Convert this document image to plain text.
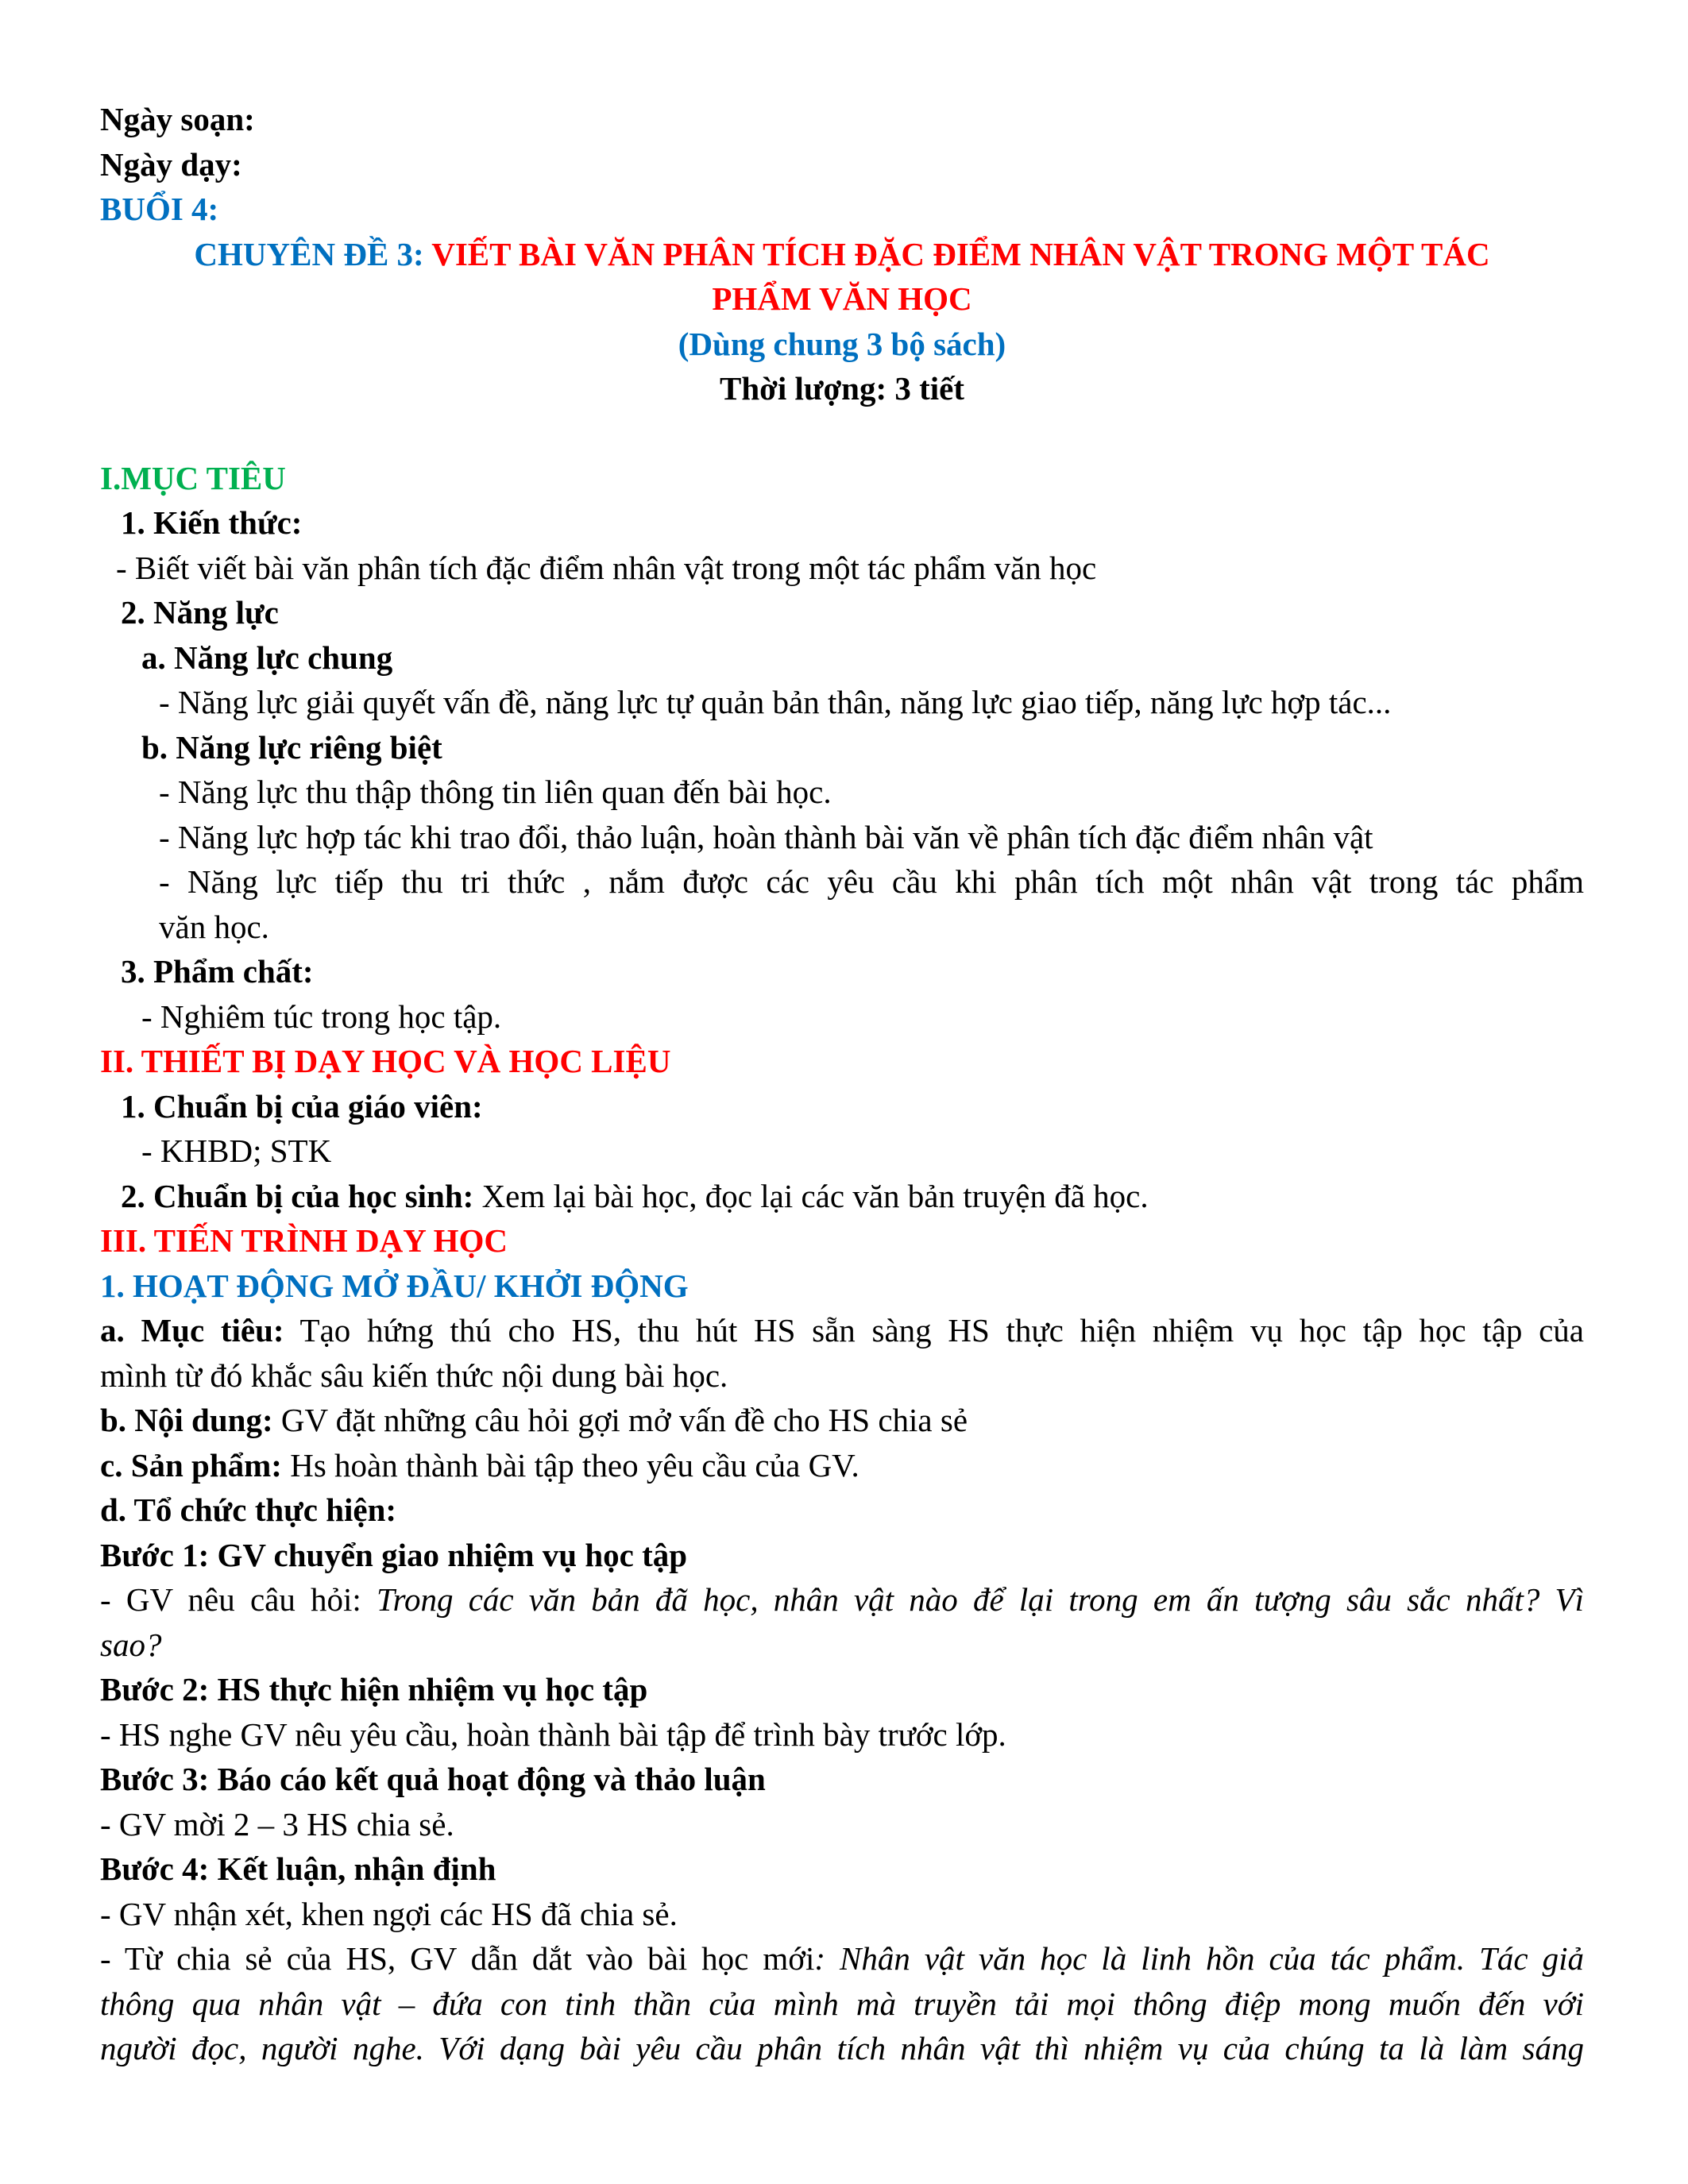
Ngày soạn:
Ngày dạy:
BUỔI 4:
CHUYÊN ĐỀ 3: VIẾT BÀI VĂN PHÂN TÍCH ĐẶC ĐIỂM NHÂN VẬT TRONG MỘT TÁC
PHẨM VĂN HỌC
(Dùng chung 3 bộ sách)
Thời lượng: 3 tiết
I.MỤC TIÊU
1. Kiến thức:
- Biết viết bài văn phân tích đặc điểm nhân vật trong một tác phẩm văn học
2. Năng lực
a. Năng lực chung
- Năng lực giải quyết vấn đề, năng lực tự quản bản thân, năng lực giao tiếp, năng lực hợp tác...
b. Năng lực riêng biệt
- Năng lực thu thập thông tin liên quan đến bài học.
- Năng lực hợp tác khi trao đổi, thảo luận, hoàn thành bài văn về phân tích đặc điểm nhân vật
- Năng lực tiếp thu tri thức , nắm được các yêu cầu khi phân tích một nhân vật trong tác phẩm
văn học.
3. Phẩm chất:
- Nghiêm túc trong học tập.
II. THIẾT BỊ DẠY HỌC VÀ HỌC LIỆU
1. Chuẩn bị của giáo viên:
- KHBD; STK
2. Chuẩn bị của học sinh: Xem lại bài học, đọc lại các văn bản truyện đã học.
III. TIẾN TRÌNH DẠY HỌC
1. HOẠT ĐỘNG MỞ ĐẦU/ KHỞI ĐỘNG
a. Mục tiêu: Tạo hứng thú cho HS, thu hút HS sẵn sàng HS thực hiện nhiệm vụ học tập học tập của
mình từ đó khắc sâu kiến thức nội dung bài học.
b. Nội dung: GV đặt những câu hỏi gợi mở vấn đề cho HS chia sẻ
c. Sản phẩm: Hs hoàn thành bài tập theo yêu cầu của GV.
d. Tổ chức thực hiện:
Bước 1: GV chuyển giao nhiệm vụ học tập
- GV nêu câu hỏi: Trong các văn bản đã học, nhân vật nào để lại trong em ấn tượng sâu sắc nhất? Vì
sao?
Bước 2: HS thực hiện nhiệm vụ học tập
- HS nghe GV nêu yêu cầu, hoàn thành bài tập để trình bày trước lớp.
Bước 3: Báo cáo kết quả hoạt động và thảo luận
- GV mời 2 – 3 HS chia sẻ.
Bước 4: Kết luận, nhận định
- GV nhận xét, khen ngợi các HS đã chia sẻ.
- Từ chia sẻ của HS, GV dẫn dắt vào bài học mới: Nhân vật văn học là linh hồn của tác phẩm. Tác giả
thông qua nhân vật – đứa con tinh thần của mình mà truyền tải mọi thông điệp mong muốn đến với
người đọc, người nghe. Với dạng bài yêu cầu phân tích nhân vật thì nhiệm vụ của chúng ta là làm sáng
